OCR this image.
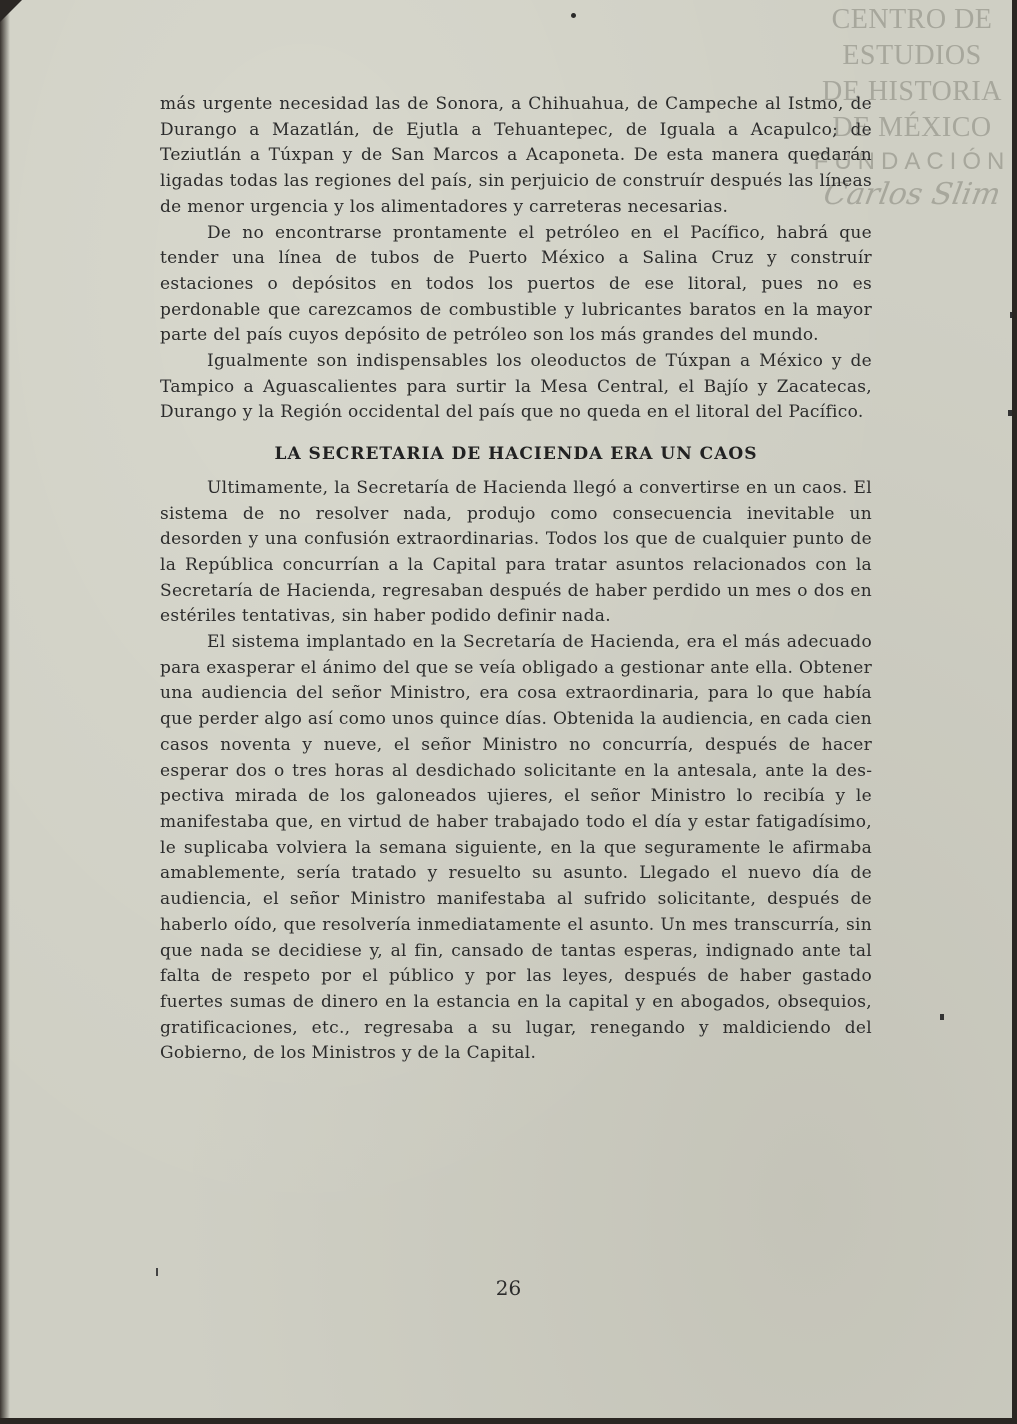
CENTRO DE
ESTUDIOS
DE HISTORIA
DE MÉXICO
FUNDACIÓN
Carlos Slim

más urgente necesidad las de Sonora, a Chihuahua, de Campeche al Istmo, de Durango a Mazatlán, de Ejutla a Tehuantepec, de Iguala a Acapulco; de Teziutlán a Túxpan y de San Marcos a Acaponeta. De esta manera quedarán ligadas todas las regiones del país, sin perjuicio de construír después las líneas de menor urgencia y los alimentadores y carreteras necesarias.

De no encontrarse prontamente el petróleo en el Pacífico, habrá que tender una línea de tubos de Puerto México a Salina Cruz y construír estaciones o depósitos en todos los puertos de ese litoral, pues no es perdonable que carezcamos de combustible y lubricantes baratos en la mayor parte del país cuyos depósito de petróleo son los más grandes del mundo.

Igualmente son indispensables los oleoductos de Túxpan a México y de Tampico a Aguascalientes para surtir la Mesa Central, el Bajío y Zacatecas, Durango y la Región occidental del país que no queda en el litoral del Pacífico.

LA SECRETARIA DE HACIENDA ERA UN CAOS

Ultimamente, la Secretaría de Hacienda llegó a convertirse en un caos. El sistema de no resolver nada, produjo como consecuencia inevitable un desorden y una confusión extraordinarias. Todos los que de cualquier punto de la República concurrían a la Capital para tratar asuntos relacionados con la Secretaría de Hacienda, regresaban después de haber perdido un mes o dos en estériles tentativas, sin haber podido definir nada.

El sistema implantado en la Secretaría de Hacienda, era el más adecuado para exasperar el ánimo del que se veía obligado a gestionar ante ella. Obtener una audiencia del señor Ministro, era cosa extraordinaria, para lo que había que perder algo así como unos quince días. Obtenida la audiencia, en cada cien casos noventa y nueve, el señor Ministro no concurría, después de hacer esperar dos o tres horas al desdichado solicitante en la antesala, ante la despectiva mirada de los galoneados ujieres, el señor Ministro lo recibía y le manifestaba que, en virtud de haber trabajado todo el día y estar fatigadísimo, le suplicaba volviera la semana siguiente, en la que seguramente le afirmaba amablemente, sería tratado y resuelto su asunto. Llegado el nuevo día de audiencia, el señor Ministro manifestaba al sufrido solicitante, después de haberlo oído, que resolvería inmediatamente el asunto. Un mes transcurría, sin que nada se decidiese y, al fin, cansado de tantas esperas, indignado ante tal falta de respeto por el público y por las leyes, después de haber gastado fuertes sumas de dinero en la estancia en la capital y en abogados, obsequios, gratificaciones, etc., regresaba a su lugar, renegando y maldiciendo del Gobierno, de los Ministros y de la Capital.

26
